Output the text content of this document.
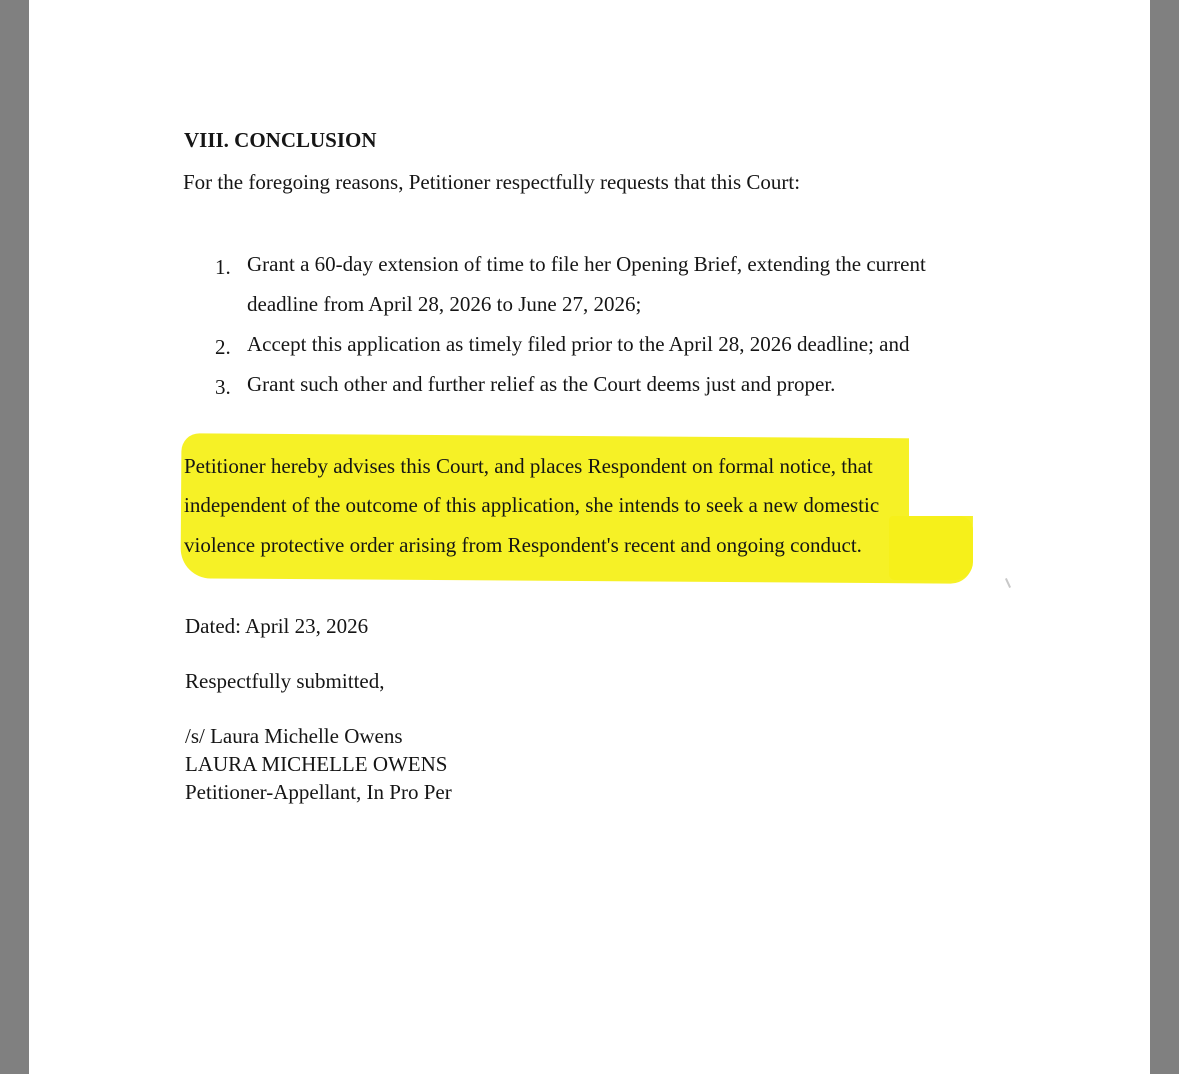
VIII. CONCLUSION
For the foregoing reasons, Petitioner respectfully requests that this Court:
1. Grant a 60-day extension of time to file her Opening Brief, extending the current
deadline from April 28, 2026 to June 27, 2026;
2. Accept this application as timely filed prior to the April 28, 2026 deadline; and
3. Grant such other and further relief as the Court deems just and proper.
Petitioner hereby advises this Court, and places Respondent on formal notice, that
independent of the outcome of this application, she intends to seek a new domestic
violence protective order arising from Respondent's recent and ongoing conduct.
Dated: April 23, 2026
Respectfully submitted,
/s/ Laura Michelle Owens
LAURA MICHELLE OWENS
Petitioner-Appellant, In Pro Per
